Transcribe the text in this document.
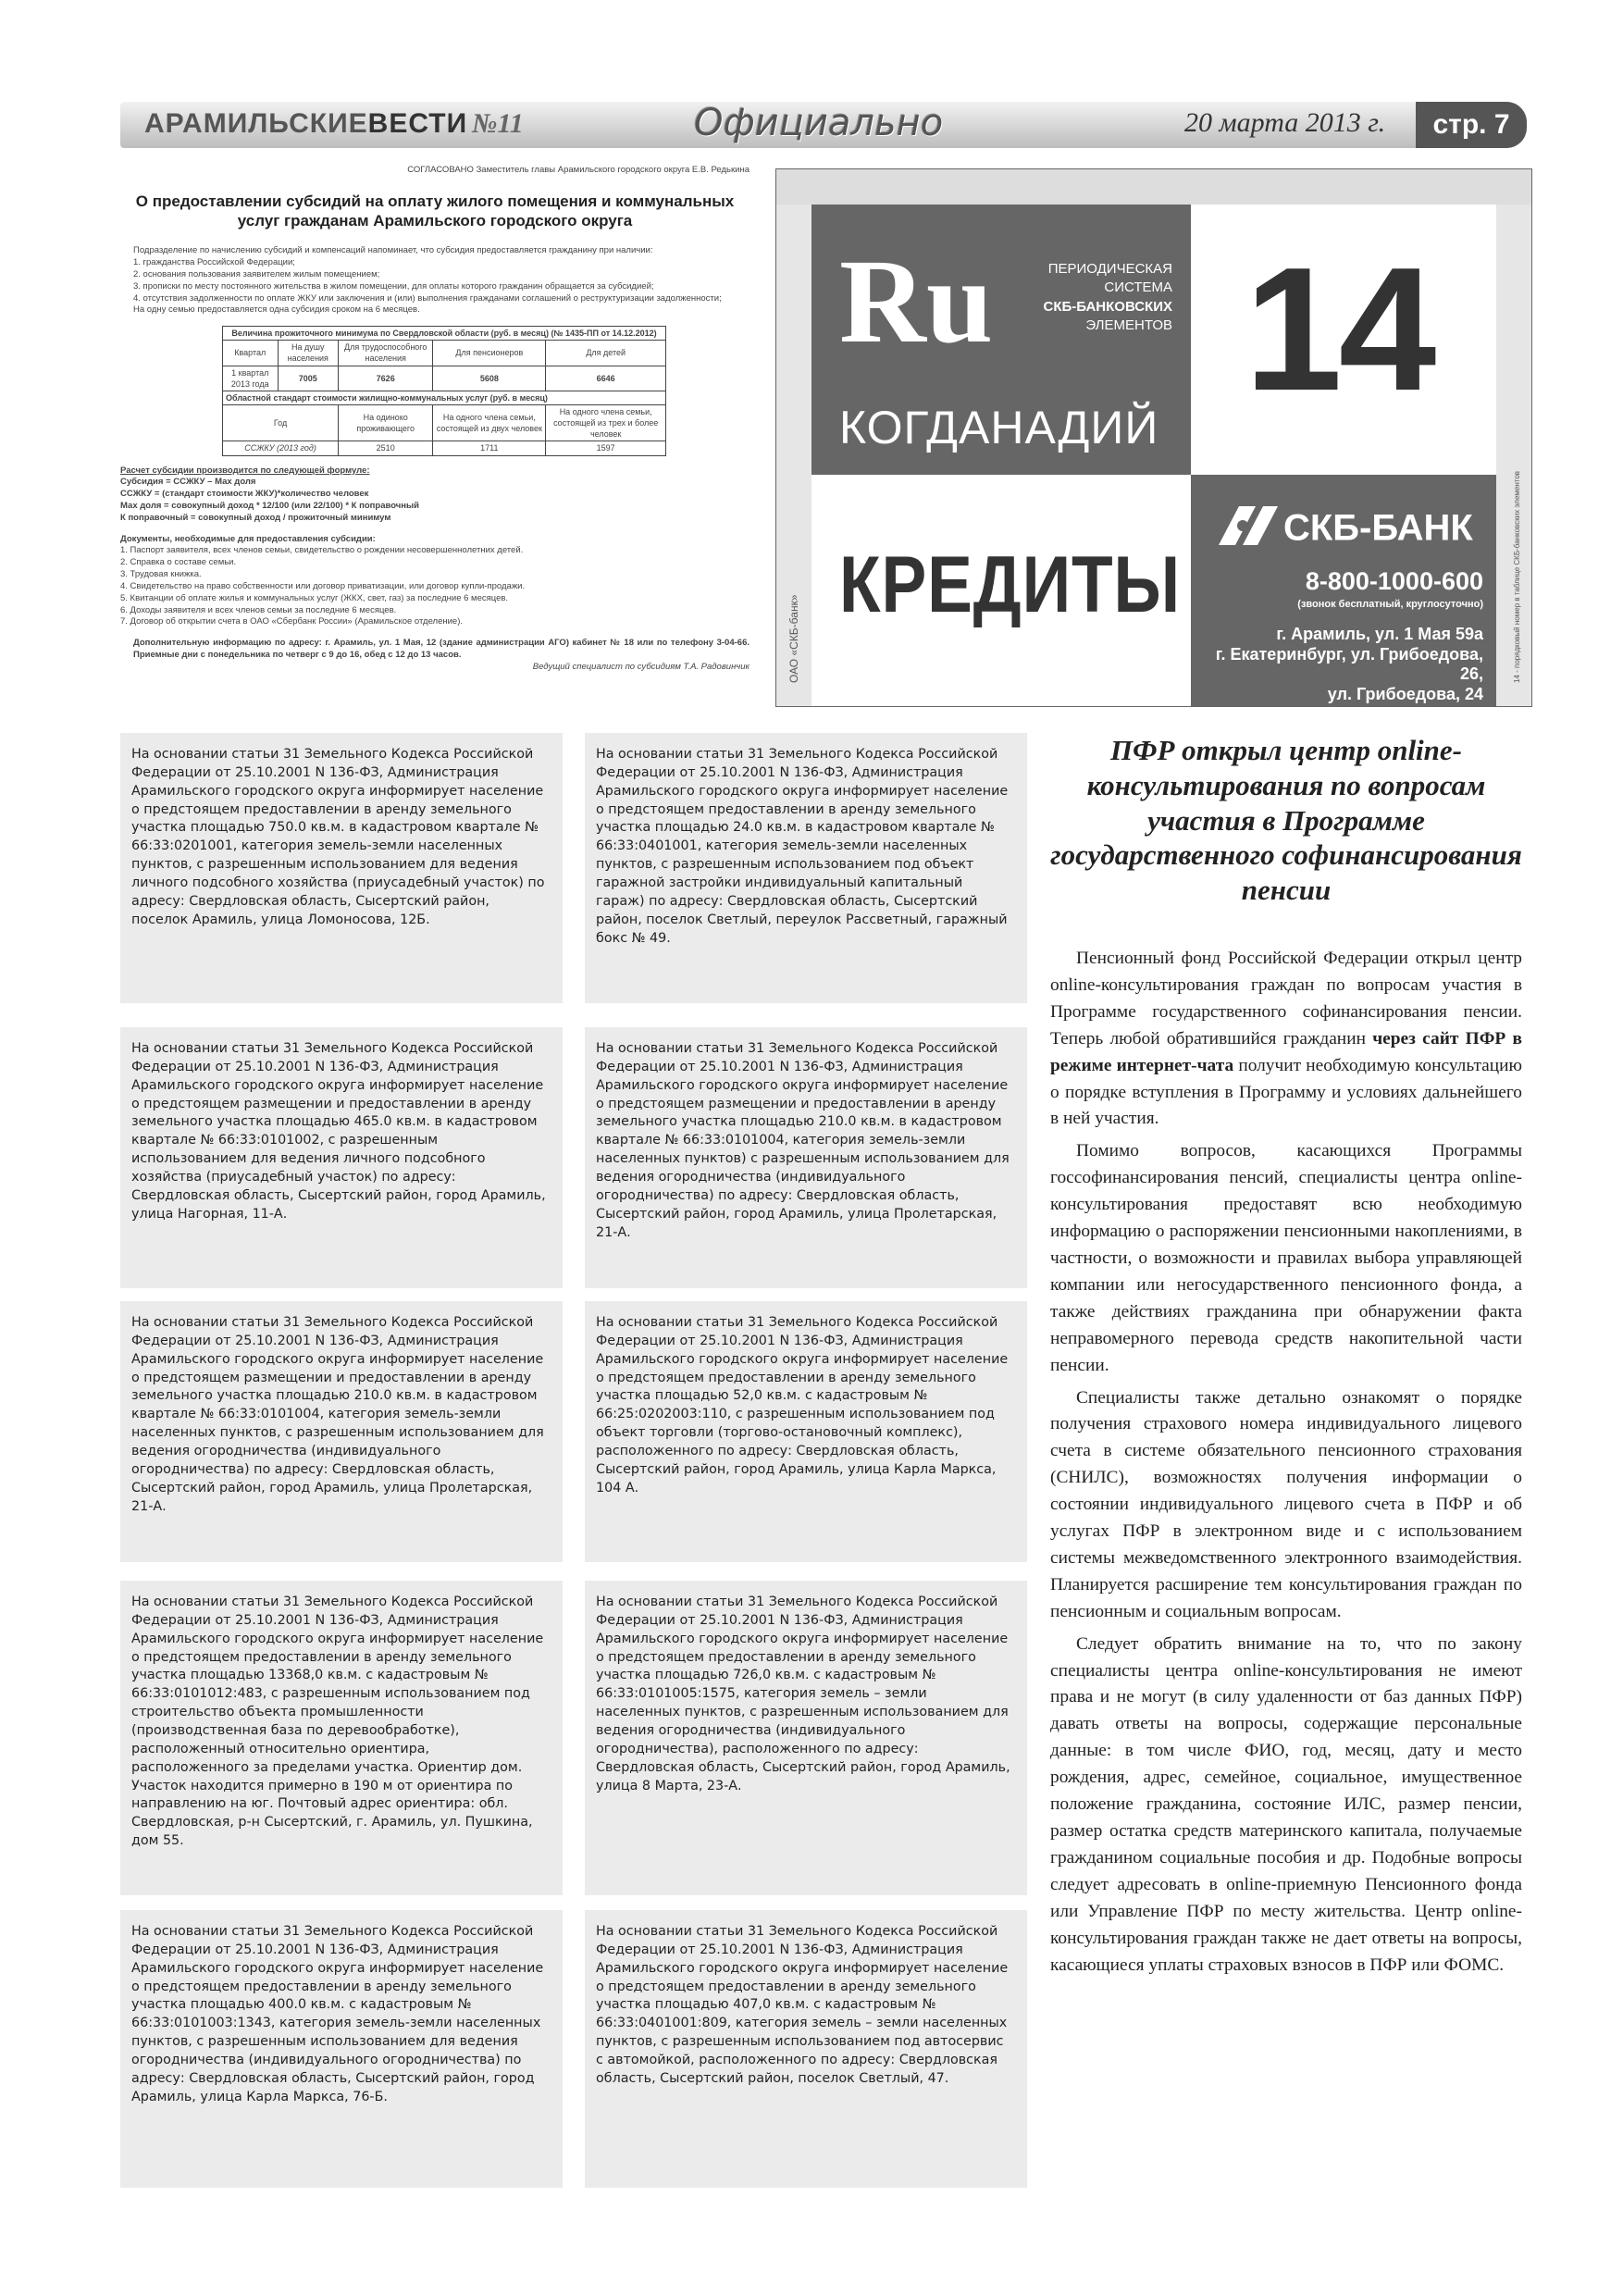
АРАМИЛЬСКИЕВЕСТИ №11	Официально	20 марта 2013 г.	стр. 7
СОГЛАСОВАНО Заместитель главы Арамильского городского округа Е.В. Редькина
О предоставлении субсидий на оплату жилого помещения и коммунальных услуг гражданам Арамильского городского округа

Подразделение по начислению субсидий и компенсаций напоминает, что субсидия предоставляется гражданину при наличии:

1. гражданства Российской Федерации;

2. основания пользования заявителем жилым помещением;

3. прописки по месту постоянного жительства в жилом помещении, для оплаты которого гражданин обращается за субсидией;

4. отсутствия задолженности по оплате ЖКУ или заключения и (или) выполнения гражданами соглашений о реструктуризации задолженности;

На одну семью предоставляется одна субсидия сроком на 6 месяцев.

Величина прожиточного минимума по Свердловской области (руб. в месяц) (№ 1435-ПП от 14.12.2012)				
Квартал	На душу населения	Для трудоспособного населения	Для пенсионеров	Для детей
1 квартал 2013 года	7005	7626	5608	6646
Областной стандарт стоимости жилищно-коммунальных услуг (руб. в месяц)				
Год		На одиноко проживающего	На одного члена семьи, состоящей из двух человек	На одного члена семьи, состоящей из трех и более человек
ССЖКУ (2013 год)		2510	1711	1597

Расчет субсидии производится по следующей формуле:

Субсидия = ССЖКУ – Мах доля

ССЖКУ = (стандарт стоимости ЖКУ)*количество человек

Мах доля = совокупный доход * 12/100 (или 22/100) * К поправочный

К поправочный = совокупный доход / прожиточный минимум

Документы, необходимые для предоставления субсидии:

1. Паспорт заявителя, всех членов семьи, свидетельство о рождении несовершеннолетних детей.

2. Справка о составе семьи.

3. Трудовая книжка.

4. Свидетельство на право собственности или договор приватизации, или договор купли-продажи.

5. Квитанции об оплате жилья и коммунальных услуг (ЖКХ, свет, газ) за последние 6 месяцев.

6. Доходы заявителя и всех членов семьи за последние 6 месяцев.

7. Договор об открытии счета в ОАО «Сбербанк России» (Арамильское отделение).

Дополнительную информацию по адресу: г. Арамиль, ул. 1 Мая, 12 (здание администрации АГО) кабинет № 18 или по телефону 3-04-66. Приемные дни с понедельника по четверг с 9 до 16, обед с 12 до 13 часов.

Ведущий специалист по субсидиям Т.А. Радовинчик

Ru	ПЕРИОДИЧЕСКАЯ СИСТЕМА
СКБ-БАНКОВСКИХ
ЭЛЕМЕНТОВ
КОГДАНАДИЙ 14
КРЕДИТЫ
СКБ-БАНК
8-800-1000-600
(звонок бесплатный, круглосуточно)
г. Арамиль, ул. 1 Мая 59а
г. Екатеринбург, ул. Грибоедова, 26,
ул. Грибоедова, 24
ОАО «СКБ-банк»	14 - порядковый номер в таблице СКБ-банковских элементов

На основании статьи 31 Земельного Кодекса Российской Федерации от 25.10.2001 N 136-ФЗ, Администрация Арамильского городского округа информирует население о предстоящем предоставлении в аренду земельного участка площадью 750.0 кв.м. в кадастровом квартале № 66:33:0201001, категория земель-земли населенных пунктов, с разрешенным использованием для ведения личного подсобного хозяйства (приусадебный участок) по адресу: Свердловская область, Сысертский район, поселок Арамиль, улица Ломоносова, 12Б.

На основании статьи 31 Земельного Кодекса Российской Федерации от 25.10.2001 N 136-ФЗ, Администрация Арамильского городского округа информирует население о предстоящем предоставлении в аренду земельного участка площадью 24.0 кв.м. в кадастровом квартале № 66:33:0401001, категория земель-земли населенных пунктов, с разрешенным использованием под объект гаражной застройки индивидуальный капитальный гараж) по адресу: Свердловская область, Сысертский район, поселок Светлый, переулок Рассветный, гаражный бокс № 49.

На основании статьи 31 Земельного Кодекса Российской Федерации от 25.10.2001 N 136-ФЗ, Администрация Арамильского городского округа информирует население о предстоящем размещении и предоставлении в аренду земельного участка площадью 465.0 кв.м. в кадастровом квартале № 66:33:0101002, с разрешенным использованием для ведения личного подсобного хозяйства (приусадебный участок) по адресу: Свердловская область, Сысертский район, город Арамиль, улица Нагорная, 11-А.

На основании статьи 31 Земельного Кодекса Российской Федерации от 25.10.2001 N 136-ФЗ, Администрация Арамильского городского округа информирует население о предстоящем размещении и предоставлении в аренду земельного участка площадью 210.0 кв.м. в кадастровом квартале № 66:33:0101004, категория земель-земли населенных пунктов) с разрешенным использованием для ведения огородничества (индивидуального огородничества) по адресу: Свердловская область, Сысертский район, город Арамиль, улица Пролетарская, 21-А.

На основании статьи 31 Земельного Кодекса Российской Федерации от 25.10.2001 N 136-ФЗ, Администрация Арамильского городского округа информирует население о предстоящем размещении и предоставлении в аренду земельного участка площадью 210.0 кв.м. в кадастровом квартале № 66:33:0101004, категория земель-земли населенных пунктов, с разрешенным использованием для ведения огородничества (индивидуального огородничества) по адресу: Свердловская область, Сысертский район, город Арамиль, улица Пролетарская, 21-А.

На основании статьи 31 Земельного Кодекса Российской Федерации от 25.10.2001 N 136-ФЗ, Администрация Арамильского городского округа информирует население о предстоящем предоставлении в аренду земельного участка площадью 52,0 кв.м. с кадастровым № 66:25:0202003:110, с разрешенным использованием под объект торговли (торгово-остановочный комплекс), расположенного по адресу: Свердловская область, Сысертский район, город Арамиль, улица Карла Маркса, 104 А.

На основании статьи 31 Земельного Кодекса Российской Федерации от 25.10.2001 N 136-ФЗ, Администрация Арамильского городского округа информирует население о предстоящем предоставлении в аренду земельного участка площадью 13368,0 кв.м. с кадастровым № 66:33:0101012:483, с разрешенным использованием под строительство объекта промышленности (производственная база по деревообработке), расположенный относительно ориентира, расположенного за пределами участка. Ориентир дом. Участок находится примерно в 190 м от ориентира по направлению на юг. Почтовый адрес ориентира: обл. Свердловская, р-н Сысертский, г. Арамиль, ул. Пушкина, дом 55.

На основании статьи 31 Земельного Кодекса Российской Федерации от 25.10.2001 N 136-ФЗ, Администрация Арамильского городского округа информирует население о предстоящем предоставлении в аренду земельного участка площадью 726,0 кв.м. с кадастровым № 66:33:0101005:1575, категория земель – земли населенных пунктов, с разрешенным использованием для ведения огородничества (индивидуального огородничества), расположенного по адресу: Свердловская область, Сысертский район, город Арамиль, улица 8 Марта, 23-А.

На основании статьи 31 Земельного Кодекса Российской Федерации от 25.10.2001 N 136-ФЗ, Администрация Арамильского городского округа информирует население о предстоящем предоставлении в аренду земельного участка площадью 400.0 кв.м. с кадастровым № 66:33:0101003:1343, категория земель-земли населенных пунктов, с разрешенным использованием для ведения огородничества (индивидуального огородничества) по адресу: Свердловская область, Сысертский район, город Арамиль, улица Карла Маркса, 76-Б.

На основании статьи 31 Земельного Кодекса Российской Федерации от 25.10.2001 N 136-ФЗ, Администрация Арамильского городского округа информирует население о предстоящем предоставлении в аренду земельного участка площадью 407,0 кв.м. с кадастровым № 66:33:0401001:809, категория земель – земли населенных пунктов, с разрешенным использованием под автосервис с автомойкой, расположенного по адресу: Свердловская область, Сысертский район, поселок Светлый, 47.

ПФР открыл центр online-консультирования по вопросам участия в Программе государственного софинансирования пенсии

Пенсионный фонд Российской Федерации открыл центр online-консультирования граждан по вопросам участия в Программе государственного софинансирования пенсии. Теперь любой обратившийся гражданин через сайт ПФР в режиме интернет-чата получит необходимую консультацию о порядке вступления в Программу и условиях дальнейшего в ней участия.

Помимо вопросов, касающихся Программы гоcсофинансирования пенсий, специалисты центра online-консультирования предоставят всю необходимую информацию о распоряжении пенсионными накоплениями, в частности, о возможности и правилах выбора управляющей компании или негосударственного пенсионного фонда, а также действиях гражданина при обнаружении факта неправомерного перевода средств накопительной части пенсии.

Специалисты также детально ознакомят о порядке получения страхового номера индивидуального лицевого счета в системе обязательного пенсионного страхования (СНИЛС), возможностях получения информации о состоянии индивидуального лицевого счета в ПФР и об услугах ПФР в электронном виде и с использованием системы межведомственного электронного взаимодействия. Планируется расширение тем консультирования граждан по пенсионным и социальным вопросам.

Следует обратить внимание на то, что по закону специалисты центра online-консультирования не имеют права и не могут (в силу удаленности от баз данных ПФР) давать ответы на вопросы, содержащие персональные данные: в том числе ФИО, год, месяц, дату и место рождения, адрес, семейное, социальное, имущественное положение гражданина, состояние ИЛС, размер пенсии, размер остатка средств материнского капитала, получаемые гражданином социальные пособия и др. Подобные вопросы следует адресовать в online-приемную Пенсионного фонда или Управление ПФР по месту жительства. Центр online-консультирования граждан также не дает ответы на вопросы, касающиеся уплаты страховых взносов в ПФР или ФОМС.
